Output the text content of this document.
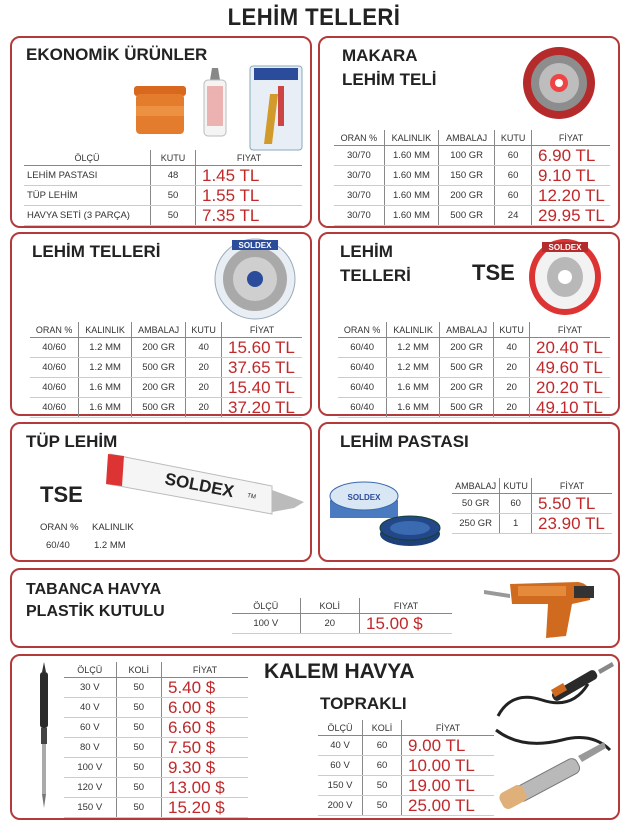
LEHİM TELLERİ
EKONOMİK ÜRÜNLER
ÖLÇÜ	KUTU	FIYAT
LEHİM PASTASI	48	1.45 TL
TÜP LEHİM	50	1.55 TL
HAVYA SETİ (3 PARÇA)	50	7.35 TL
MAKARA
LEHİM TELİ
ORAN %	KALINLIK	AMBALAJ	KUTU	FİYAT
30/70	1.60 MM	100 GR	60	6.90 TL
30/70	1.60 MM	150 GR	60	9.10 TL
30/70	1.60 MM	200 GR	60	12.20 TL
30/70	1.60 MM	500 GR	24	29.95 TL
LEHİM TELLERİ	SOLDEX
ORAN %	KALINLIK	AMBALAJ	KUTU	FİYAT
40/60	1.2 MM	200 GR	40	15.60 TL
40/60	1.2 MM	500 GR	20	37.65 TL
40/60	1.6 MM	200 GR	20	15.40 TL
40/60	1.6 MM	500 GR	20	37.20 TL
LEHİM
TELLERİ	TSE
SOLDEX
ORAN %	KALINLIK	AMBALAJ	KUTU	FİYAT
60/40	1.2 MM	200 GR	40	20.40 TL
60/40	1.2 MM	500 GR	20	49.60 TL
60/40	1.6 MM	200 GR	20	20.20 TL
60/40	1.6 MM	500 GR	20	49.10 TL
TÜP LEHİM
TSE	SOLDEX TM
ORAN % KALINLIK
60/40	1.2 MM
LEHİM PASTASI
SOLDEX
AMBALAJ	KUTU	FİYAT
50 GR	60	5.50 TL
250 GR	1	23.90 TL
TABANCA HAVYA
PLASTİK KUTULU	ÖLÇÜ	KOLİ	FIYAT
100 V	20	15.00 $
ÖLÇÜ	KOLİ	FİYAT
30 V	50	5.40 $
40 V	50	6.00 $
60 V	50	6.60 $
80 V	50	7.50 $
100 V	50	9.30 $
120 V	50	13.00 $
150 V	50	15.20 $
KALEM HAVYA
TOPRAKLI
ÖLÇÜ	KOLİ	FİYAT
40 V	60	9.00 TL
60 V	60	10.00 TL
150 V	50	19.00 TL
200 V	50	25.00 TL
